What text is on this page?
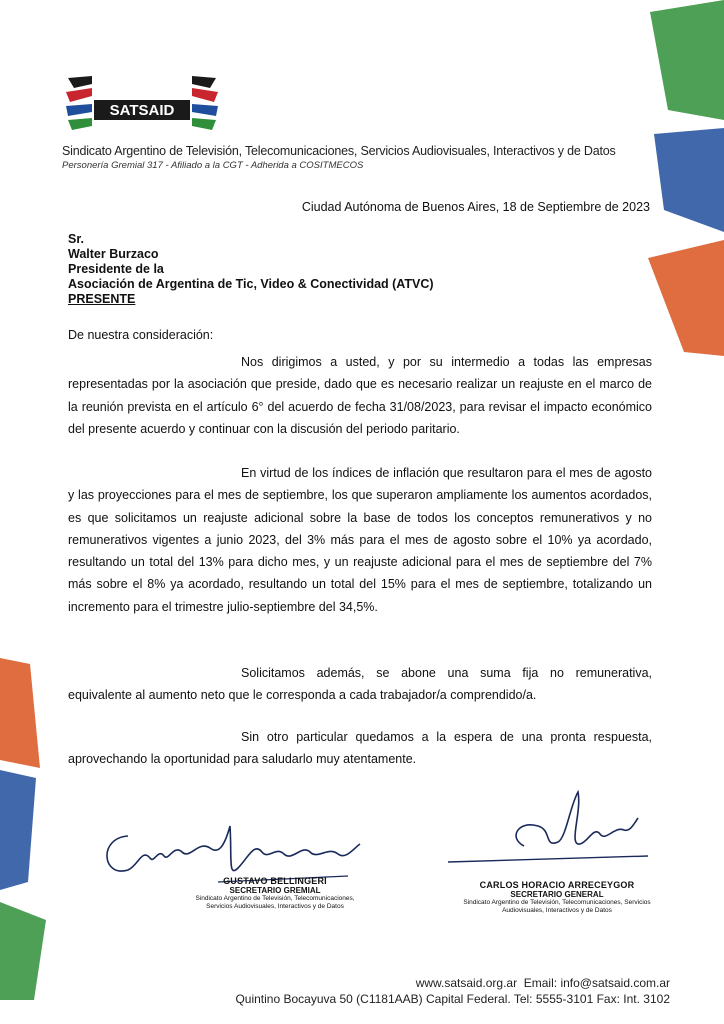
SATSAID
Sindicato Argentino de Televisión, Telecomunicaciones, Servicios Audiovisuales, Interactivos y de Datos
Personería Gremial 317 - Afiliado a la CGT - Adherida a COSITMECOS
Ciudad Autónoma de Buenos Aires, 18 de Septiembre de 2023
Sr.
Walter Burzaco
Presidente de la
Asociación de Argentina de Tic, Video & Conectividad (ATVC)
PRESENTE
De nuestra consideración:

Nos dirigimos a usted, y por su intermedio a todas las empresas representadas por la asociación que preside, dado que es necesario realizar un reajuste en el marco de la reunión prevista en el artículo 6° del acuerdo de fecha 31/08/2023, para revisar el impacto económico del presente acuerdo y continuar con la discusión del periodo paritario.

En virtud de los índices de inflación que resultaron para el mes de agosto y las proyecciones para el mes de septiembre, los que superaron ampliamente los aumentos acordados, es que solicitamos un reajuste adicional sobre la base de todos los conceptos remunerativos y no remunerativos vigentes a junio 2023, del 3% más para el mes de agosto sobre el 10% ya acordado, resultando un total del 13% para dicho mes, y un reajuste adicional para el mes de septiembre del 7% más sobre el 8% ya acordado, resultando un total del 15% para el mes de septiembre, totalizando un incremento para el trimestre julio-septiembre del 34,5%.

Solicitamos además, se abone una suma fija no remunerativa, equivalente al aumento neto que le corresponda a cada trabajador/a comprendido/a.

Sin otro particular quedamos a la espera de una pronta respuesta, aprovechando la oportunidad para saludarlo muy atentamente.

GUSTAVO BELLINGERI
SECRETARIO GREMIAL
Sindicato Argentino de Televisión, Telecomunicaciones, Servicios Audiovisuales, Interactivos y de Datos
CARLOS HORACIO ARRECEYGOR
SECRETARIO GENERAL
Sindicato Argentino de Televisión, Telecomunicaciones, Servicios Audiovisuales, Interactivos y de Datos
www.satsaid.org.ar Email: info@satsaid.com.ar
Quintino Bocayuva 50 (C1181AAB) Capital Federal. Tel: 5555-3101 Fax: Int. 3102
